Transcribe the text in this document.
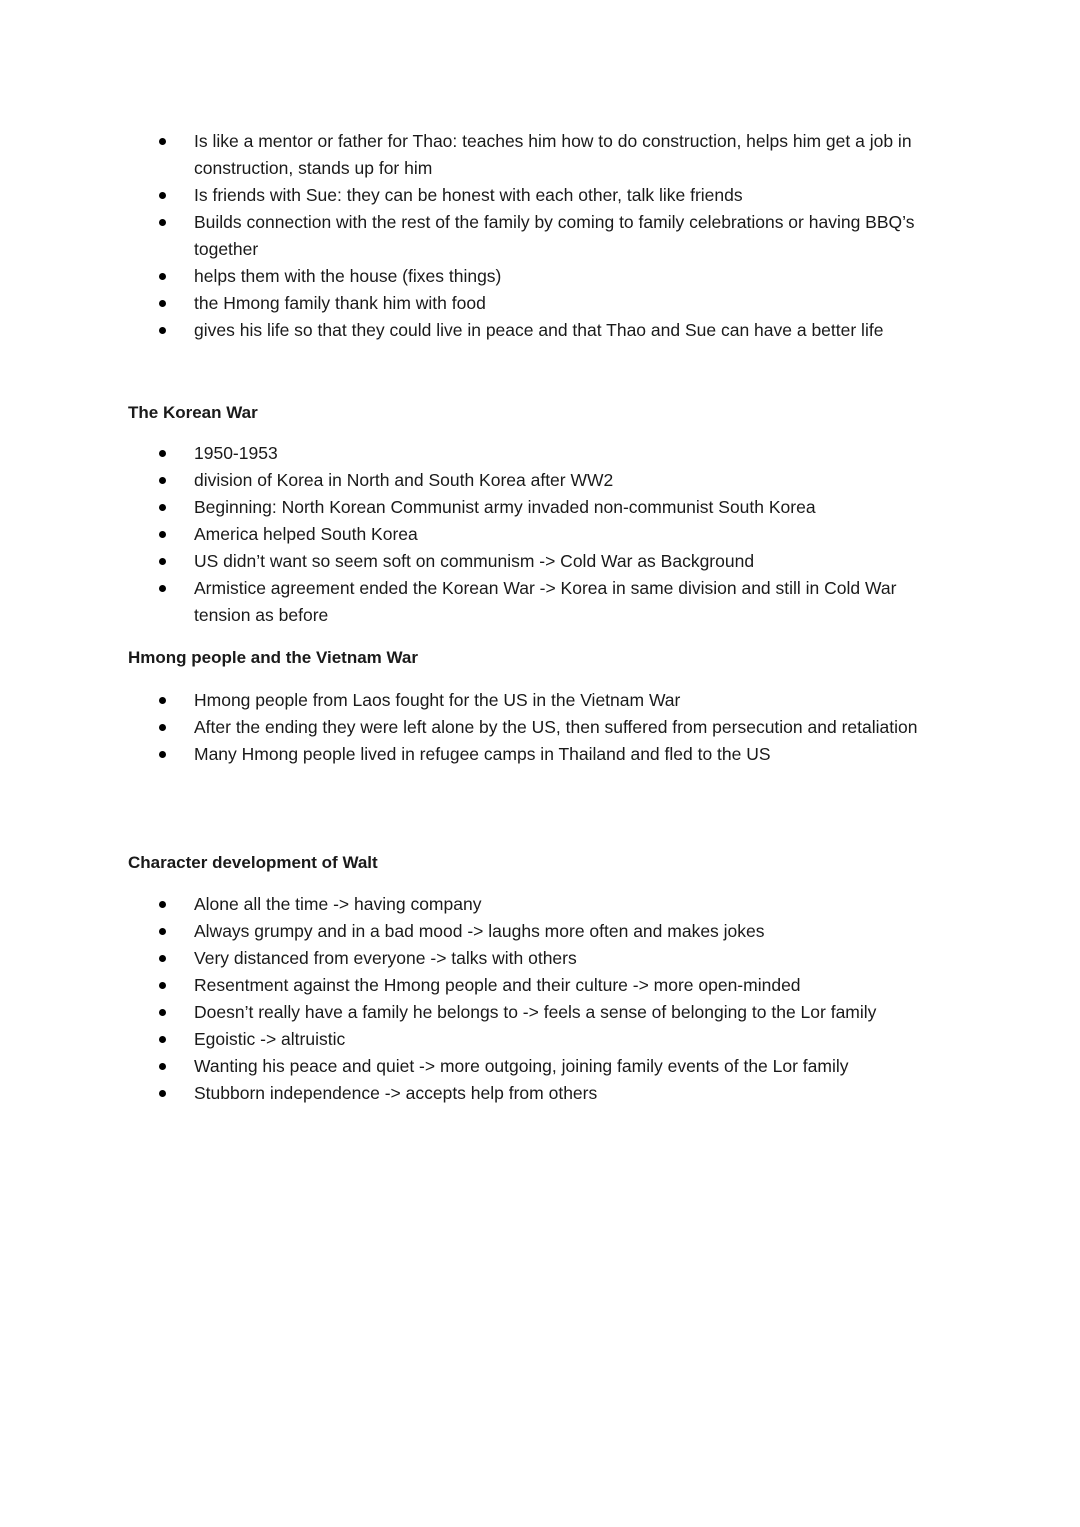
Is like a mentor or father for Thao: teaches him how to do construction, helps him get a job in construction, stands up for him
Is friends with Sue: they can be honest with each other, talk like friends
Builds connection with the rest of the family by coming to family celebrations or having BBQ’s together
helps them with the house (fixes things)
the Hmong family thank him with food
gives his life so that they could live in peace and that Thao and Sue can have a better life
The Korean War
1950-1953
division of Korea in North and South Korea after WW2
Beginning: North Korean Communist army invaded non-communist South Korea
America helped South Korea
US didn’t want so seem soft on communism -> Cold War as Background
Armistice agreement ended the Korean War -> Korea in same division and still in Cold War tension as before
Hmong people and the Vietnam War
Hmong people from Laos fought for the US in the Vietnam War
After the ending they were left alone by the US, then suffered from persecution and retaliation
Many Hmong people lived in refugee camps in Thailand and fled to the US
Character development of Walt
Alone all the time -> having company
Always grumpy and in a bad mood -> laughs more often and makes jokes
Very distanced from everyone -> talks with others
Resentment against the Hmong people and their culture -> more open-minded
Doesn’t really have a family he belongs to -> feels a sense of belonging to the Lor family
Egoistic -> altruistic
Wanting his peace and quiet -> more outgoing, joining family events of the Lor family
Stubborn independence -> accepts help from others
